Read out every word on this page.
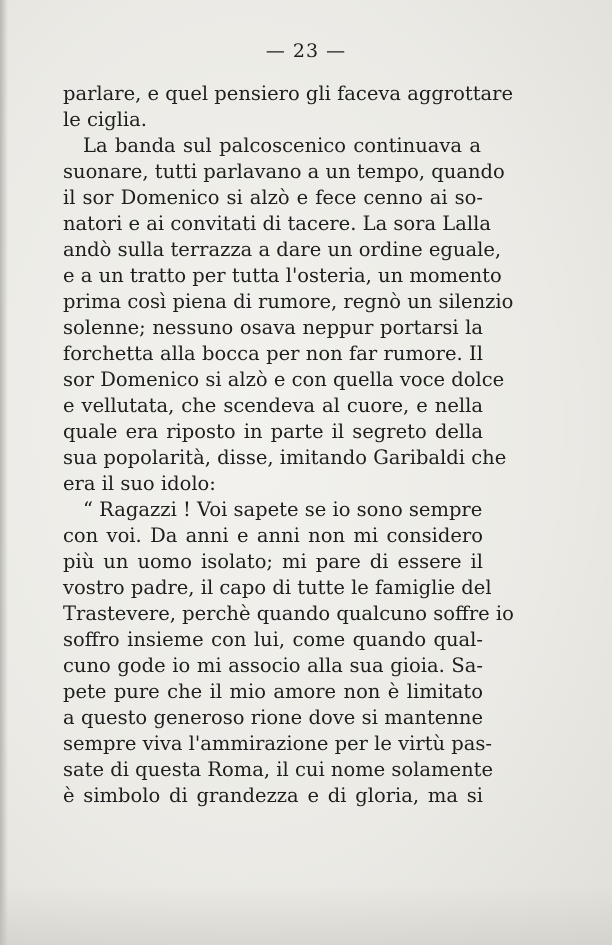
— 23 —
parlare, e quel pensiero gli faceva aggrottare
le ciglia.
La banda sul palcoscenico continuava a
suonare, tutti parlavano a un tempo, quando
il sor Domenico si alzò e fece cenno ai so-
natori e ai convitati di tacere. La sora Lalla
andò sulla terrazza a dare un ordine eguale,
e a un tratto per tutta l'osteria, un momento
prima così piena di rumore, regnò un silenzio
solenne; nessuno osava neppur portarsi la
forchetta alla bocca per non far rumore. Il
sor Domenico si alzò e con quella voce dolce
e vellutata, che scendeva al cuore, e nella
quale era riposto in parte il segreto della
sua popolarità, disse, imitando Garibaldi che
era il suo idolo:
“ Ragazzi ! Voi sapete se io sono sempre
con voi. Da anni e anni non mi considero
più un uomo isolato; mi pare di essere il
vostro padre, il capo di tutte le famiglie del
Trastevere, perchè quando qualcuno soffre io
soffro insieme con lui, come quando qual-
cuno gode io mi associo alla sua gioia. Sa-
pete pure che il mio amore non è limitato
a questo generoso rione dove si mantenne
sempre viva l'ammirazione per le virtù pas-
sate di questa Roma, il cui nome solamente
è simbolo di grandezza e di gloria, ma si
